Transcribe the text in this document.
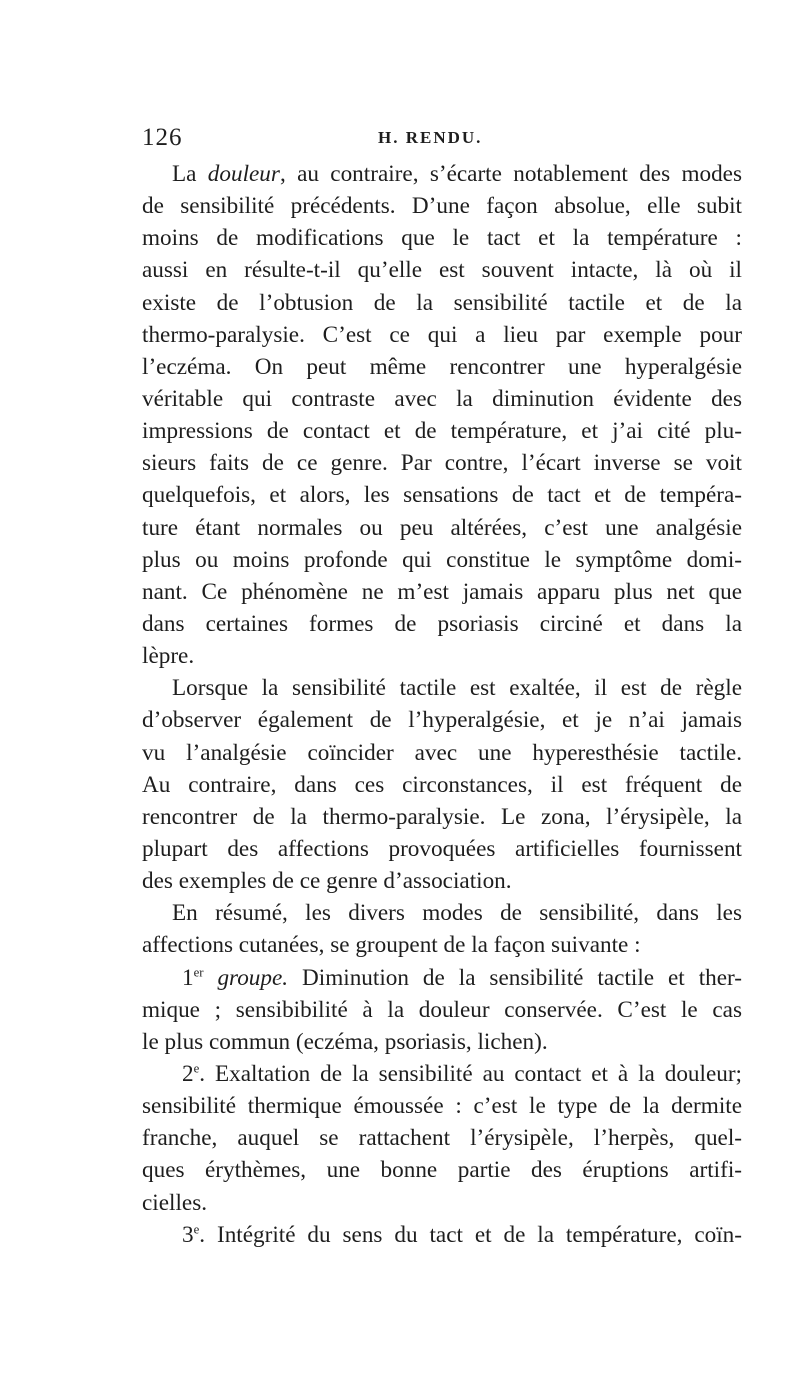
126	H. RENDU.
La douleur, au contraire, s’écarte notablement des modes
de sensibilité précédents. D’une façon absolue, elle subit
moins de modifications que le tact et la température :
aussi en résulte-t-il qu’elle est souvent intacte, là où il
existe de l’obtusion de la sensibilité tactile et de la
thermo-paralysie. C’est ce qui a lieu par exemple pour
l’eczéma. On peut même rencontrer une hyperalgésie
véritable qui contraste avec la diminution évidente des
impressions de contact et de température, et j’ai cité plu-
sieurs faits de ce genre. Par contre, l’écart inverse se voit
quelquefois, et alors, les sensations de tact et de tempéra-
ture étant normales ou peu altérées, c’est une analgésie
plus ou moins profonde qui constitue le symptôme domi-
nant. Ce phénomène ne m’est jamais apparu plus net que
dans certaines formes de psoriasis circiné et dans la
lèpre.
Lorsque la sensibilité tactile est exaltée, il est de règle
d’observer également de l’hyperalgésie, et je n’ai jamais
vu l’analgésie coïncider avec une hyperesthésie tactile.
Au contraire, dans ces circonstances, il est fréquent de
rencontrer de la thermo-paralysie. Le zona, l’érysipèle, la
plupart des affections provoquées artificielles fournissent
des exemples de ce genre d’association.
En résumé, les divers modes de sensibilité, dans les
affections cutanées, se groupent de la façon suivante :
1er groupe. Diminution de la sensibilité tactile et ther-
mique ; sensibibilité à la douleur conservée. C’est le cas
le plus commun (eczéma, psoriasis, lichen).
2e. Exaltation de la sensibilité au contact et à la douleur;
sensibilité thermique émoussée : c’est le type de la dermite
franche, auquel se rattachent l’érysipèle, l’herpès, quel-
ques érythèmes, une bonne partie des éruptions artifi-
cielles.
3e. Intégrité du sens du tact et de la température, coïn-
